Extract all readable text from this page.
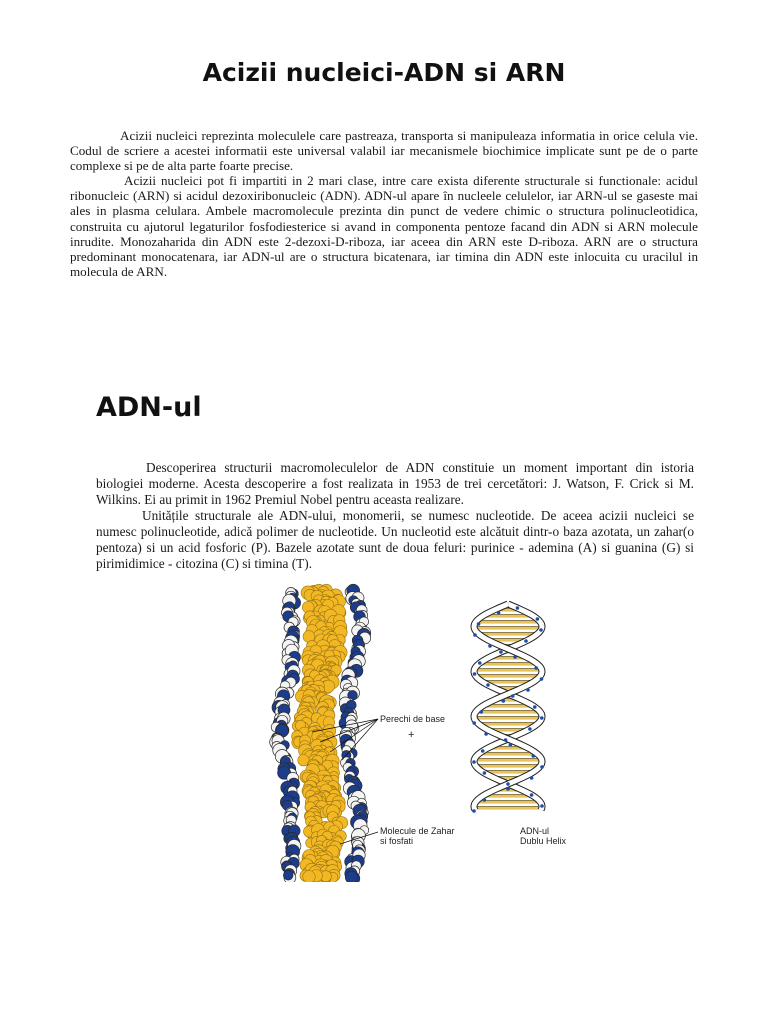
Acizii nucleici-ADN si ARN

Acizii nucleici reprezinta moleculele care pastreaza, transporta si manipuleaza informatia in orice celula vie. Codul de scriere a acestei informatii este universal valabil iar mecanismele biochimice implicate sunt pe de o parte complexe si pe de alta parte foarte precise.

Acizii nucleici pot fi impartiti in 2 mari clase, intre care exista diferente structurale si functionale: acidul ribonucleic (ARN) si acidul dezoxiribonucleic (ADN). ADN-ul apare în nucleele celulelor, iar ARN-ul se gaseste mai ales in plasma celulara. Ambele macromolecule prezinta din punct de vedere chimic o structura polinucleotidica, construita cu ajutorul legaturilor fosfodiesterice si avand in componenta pentoze facand din ADN si ARN molecule inrudite. Monozaharida din ADN este 2-dezoxi-D-riboza, iar aceea din ARN este D-riboza. ARN are o structura predominant monocatenara, iar ADN-ul are o structura bicatenara, iar timina din ADN este inlocuita cu uracilul in molecula de ARN.

ADN-ul

Descoperirea structurii macromoleculelor de ADN constituie un moment important din istoria biologiei moderne. Acesta descoperire a fost realizata in 1953 de trei cercetători: J. Watson, F. Crick si M. Wilkins. Ei au primit in 1962 Premiul Nobel pentru aceasta realizare.

Unitățile structurale ale ADN-ului, monomerii, se numesc nucleotide. De aceea acizii nucleici se numesc polinucleotide, adică polimer de nucleotide. Un nucleotid este alcătuit dintr-o baza azotata, un zahar(o pentoza) si un acid fosforic (P). Bazele azotate sunt de doua feluri: purinice - ademina (A) si guanina (G) si pirimidimice - citozina (C) si timina (T).

Perechi de base
+
Molecule de Zahar
si fosfati
ADN-ul
Dublu Helix
